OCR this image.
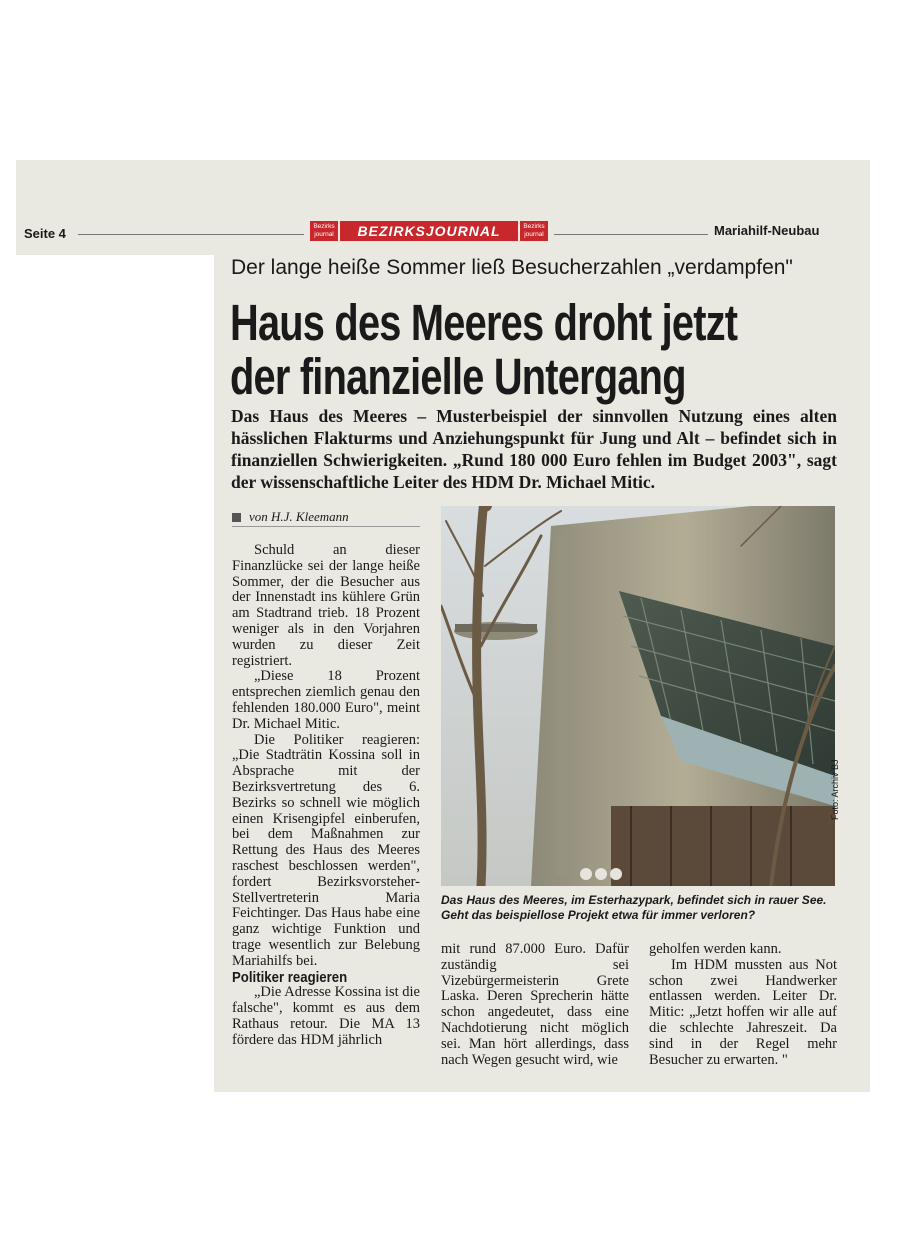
Seite 4	Bezirks
journal	BEZIRKSJOURNAL	Bezirks
journal	Mariahilf-Neubau
Der lange heiße Sommer ließ Besucherzahlen „verdampfen"
Haus des Meeres droht jetzt
der finanzielle Untergang
Das Haus des Meeres – Musterbeispiel der sinnvollen Nutzung eines alten hässlichen Flakturms und Anziehungspunkt für Jung und Alt – befindet sich in finanziellen Schwierigkeiten. „Rund 180 000 Euro fehlen im Budget 2003", sagt der wissenschaftliche Leiter des HDM Dr. Michael Mitic.
von H.J. Kleemann

Schuld an dieser Finanzlücke sei der lange heiße Sommer, der die Besucher aus der Innenstadt ins kühlere Grün am Stadtrand trieb. 18 Prozent weniger als in den Vorjahren wurden zu dieser Zeit registriert.

„Diese 18 Prozent entsprechen ziemlich genau den fehlenden 180.000 Euro", meint Dr. Michael Mitic.

Die Politiker reagieren: „Die Stadträtin Kossina soll in Absprache mit der Bezirksvertretung des 6. Bezirks so schnell wie möglich einen Krisengipfel einberufen, bei dem Maßnahmen zur Rettung des Haus des Meeres raschest beschlossen werden", fordert Bezirksvorsteher-Stellvertreterin Maria Feichtinger. Das Haus habe eine ganz wichtige Funktion und trage wesentlich zur Belebung Mariahilfs bei.

Politiker reagieren

„Die Adresse Kossina ist die falsche", kommt es aus dem Rathaus retour. Die MA 13 fördere das HDM jährlich

Foto: Archiv BJ
Das Haus des Meeres, im Esterhazypark, befindet sich in rauer See. Geht das beispiellose Projekt etwa für immer verloren?

mit rund 87.000 Euro. Dafür zuständig sei Vizebürgermeisterin Grete Laska. Deren Sprecherin hätte schon angedeutet, dass eine Nachdotierung nicht möglich sei. Man hört allerdings, dass nach Wegen gesucht wird, wie

geholfen werden kann.

Im HDM mussten aus Not schon zwei Handwerker entlassen werden. Leiter Dr. Mitic: „Jetzt hoffen wir alle auf die schlechte Jahreszeit. Da sind in der Regel mehr Besucher zu erwarten. "
